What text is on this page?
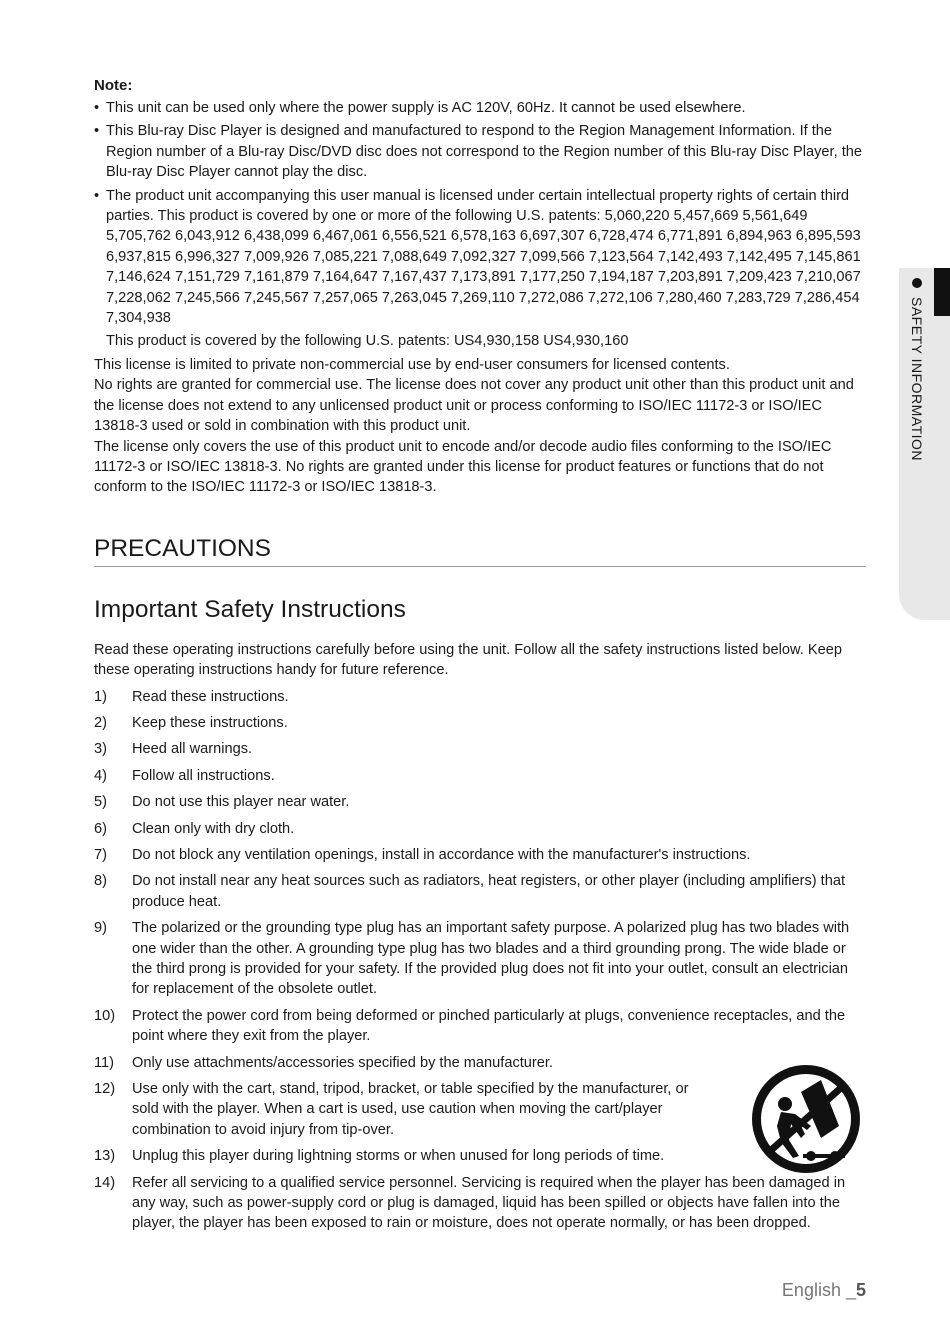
SAFETY INFORMATION
Note:

• This unit can be used only where the power supply is AC 120V, 60Hz. It cannot be used elsewhere.

• This Blu-ray Disc Player is designed and manufactured to respond to the Region Management Information. If the Region number of a Blu-ray Disc/DVD disc does not correspond to the Region number of this Blu-ray Disc Player, the Blu-ray Disc Player cannot play the disc.

• The product unit accompanying this user manual is licensed under certain intellectual property rights of certain third parties. This product is covered by one or more of the following U.S. patents: 5,060,220 5,457,669 5,561,649 5,705,762 6,043,912 6,438,099 6,467,061 6,556,521 6,578,163 6,697,307 6,728,474 6,771,891 6,894,963 6,895,593 6,937,815 6,996,327 7,009,926 7,085,221 7,088,649 7,092,327 7,099,566 7,123,564 7,142,493 7,142,495 7,145,861 7,146,624 7,151,729 7,161,879 7,164,647 7,167,437 7,173,891 7,177,250 7,194,187 7,203,891 7,209,423 7,210,067 7,228,062 7,245,566 7,245,567 7,257,065 7,263,045 7,269,110 7,272,086 7,272,106 7,280,460 7,283,729 7,286,454 7,304,938

This product is covered by the following U.S. patents: US4,930,158 US4,930,160

This license is limited to private non-commercial use by end-user consumers for licensed contents.

No rights are granted for commercial use. The license does not cover any product unit other than this product unit and the license does not extend to any unlicensed product unit or process conforming to ISO/IEC 11172-3 or ISO/IEC 13818-3 used or sold in combination with this product unit.

The license only covers the use of this product unit to encode and/or decode audio files conforming to the ISO/IEC 11172-3 or ISO/IEC 13818-3. No rights are granted under this license for product features or functions that do not conform to the ISO/IEC 11172-3 or ISO/IEC 13818-3.

PRECAUTIONS
Important Safety Instructions

Read these operating instructions carefully before using the unit. Follow all the safety instructions listed below. Keep these operating instructions handy for future reference.

1) Read these instructions.
2) Keep these instructions.
3) Heed all warnings.
4) Follow all instructions.
5) Do not use this player near water.
6) Clean only with dry cloth.
7) Do not block any ventilation openings, install in accordance with the manufacturer's instructions.
8) Do not install near any heat sources such as radiators, heat registers, or other player (including amplifiers) that produce heat.
9) The polarized or the grounding type plug has an important safety purpose. A polarized plug has two blades with one wider than the other. A grounding type plug has two blades and a third grounding prong. The wide blade or the third prong is provided for your safety. If the provided plug does not fit into your outlet, consult an electrician for replacement of the obsolete outlet.
10) Protect the power cord from being deformed or pinched particularly at plugs, convenience receptacles, and the point where they exit from the player.
11) Only use attachments/accessories specified by the manufacturer.
12) Use only with the cart, stand, tripod, bracket, or table specified by the manufacturer, or sold with the player. When a cart is used, use caution when moving the cart/player combination to avoid injury from tip-over.
13) Unplug this player during lightning storms or when unused for long periods of time.
14) Refer all servicing to a qualified service personnel. Servicing is required when the player has been damaged in any way, such as power-supply cord or plug is damaged, liquid has been spilled or objects have fallen into the player, the player has been exposed to rain or moisture, does not operate normally, or has been dropped.
English _5
